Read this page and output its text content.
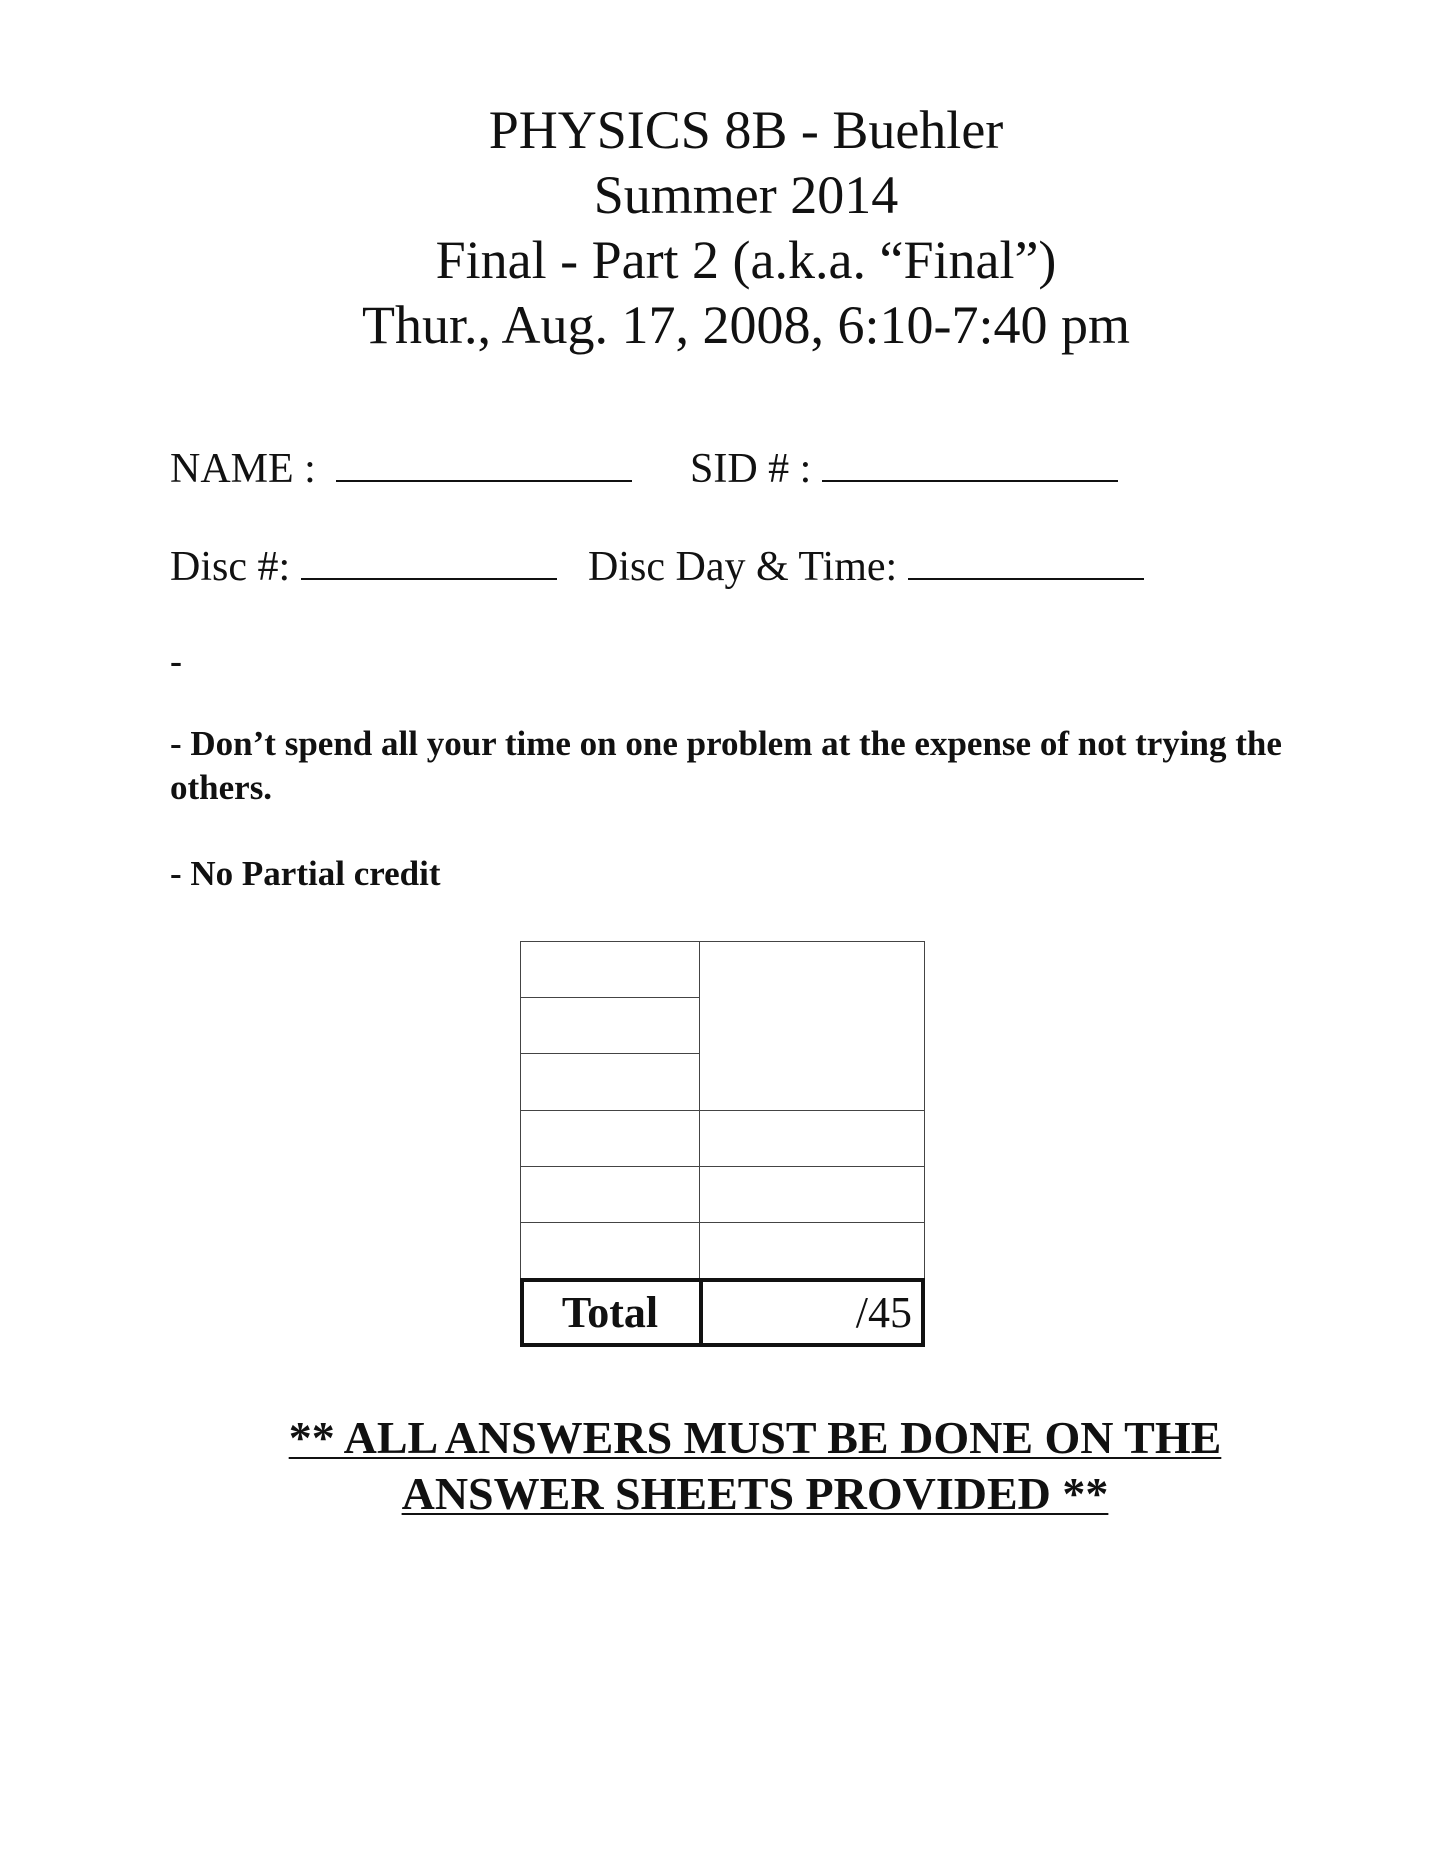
PHYSICS 8B - Buehler
Summer 2014
Final - Part 2 (a.k.a. “Final”)
Thur., Aug. 17, 2008, 6:10-7:40 pm
NAME :	SID # :
Disc #:	Disc Day & Time:
-
- Don’t spend all your time on one problem at the expense of not trying the others.
- No Partial credit
Total	/45
** ALL ANSWERS MUST BE DONE ON THE
ANSWER SHEETS PROVIDED **
